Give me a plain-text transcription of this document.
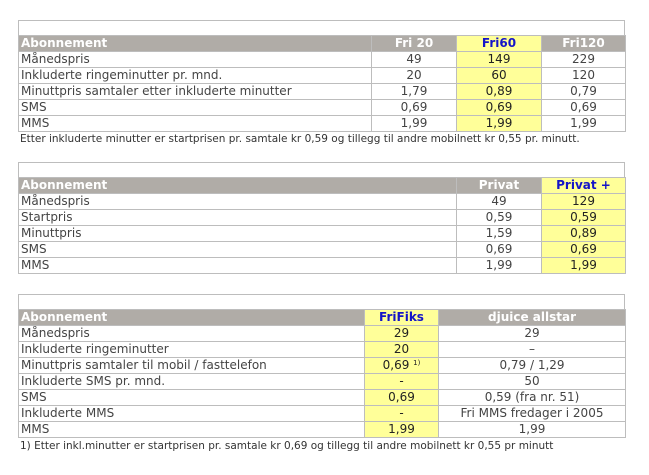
Abonnement	Fri 20	Fri60	Fri120
Månedspris	49	149	229
Inkluderte ringeminutter pr. mnd.	20	60	120
Minuttpris samtaler etter inkluderte minutter	1,79	0,89	0,79
SMS	0,69	0,69	0,69
MMS	1,99	1,99	1,99
Etter inkluderte minutter er startprisen pr. samtale kr 0,59 og tillegg til andre mobilnett kr 0,55 pr. minutt.
Abonnement	Privat	Privat +
Månedspris	49	129
Startpris	0,59	0,59
Minuttpris	1,59	0,89
SMS	0,69	0,69
MMS	1,99	1,99
Abonnement	FriFiks	djuice allstar
Månedspris	29	29
Inkluderte ringeminutter	20	–
Minuttpris samtaler til mobil / fasttelefon	0,69 $^{1)}$	0,79 / 1,29
Inkluderte SMS pr. mnd.	-	50
SMS	0,69	0,59 (fra nr. 51)
Inkluderte MMS	-	Fri MMS fredager i 2005
MMS	1,99	1,99
1) Etter inkl.minutter er startprisen pr. samtale kr 0,69 og tillegg til andre mobilnett kr 0,55 pr minutt
